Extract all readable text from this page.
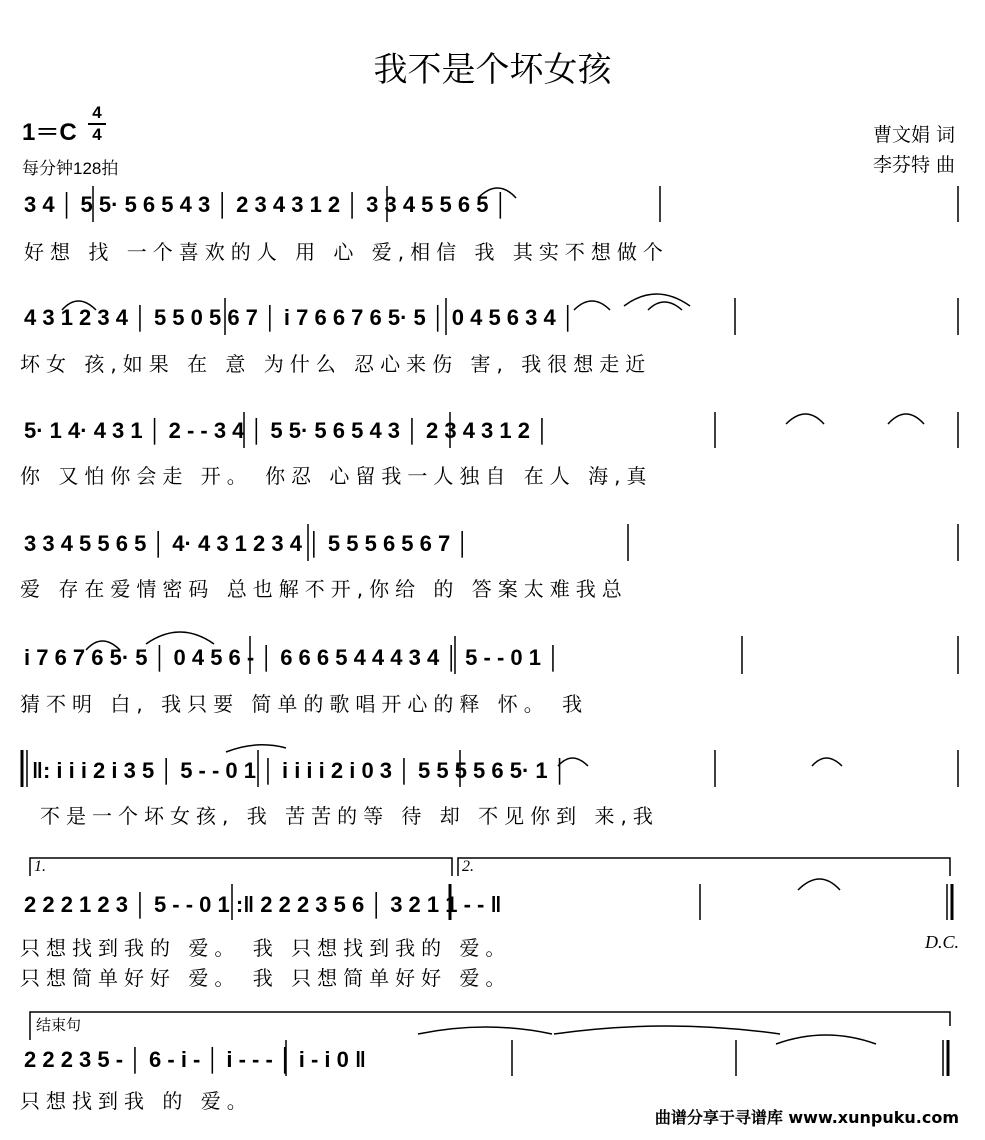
我不是个坏女孩
1＝C
4
4
每分钟128拍
曹文娟 词
李芬特 曲
3 4 │ 5 5· 5 6 5 4 3 │ 2 3 4 3 1 2 │ 3 3 4 5 5 6 5 │
好想 找 一个喜欢的人 用 心 爱,相信 我 其实不想做个
4 3 1 2 3 4 │ 5 5 0 5 6 7 │ i 7 6 6 7 6 5· 5 │ 0 4 5 6 3 4 │
坏女 孩,如果 在 意 为什么 忍心来伤 害, 我很想走近
5· 1 4· 4 3 1 │ 2 - - 3 4 │ 5 5· 5 6 5 4 3 │ 2 3 4 3 1 2 │
你 又怕你会走 开。 你忍 心留我一人独自 在人 海,真
3 3 4 5 5 6 5 │ 4· 4 3 1 2 3 4 │ 5 5 5 6 5 6 7 │
爱 存在爱情密码 总也解不开,你给 的 答案太难我总
i 7 6 7 6 5· 5 │ 0 4 5 6 - │ 6 6 6 5 4 4 4 3 4 │ 5 - - 0 1 │
猜不明 白, 我只要 简单的歌唱开心的释 怀。 我
‖: i i i 2 i 3 5 │ 5 - - 0 1 │ i i i i 2 i 0 3 │ 5 5 5 5 6 5· 1 │
不是一个坏女孩, 我 苦苦的等 待 却 不见你到 来,我
1.	2.
2 2 2 1 2 3 │ 5 - - 0 1 :‖ 2 2 2 3 5 6 │ 3 2 1 1 - - ‖
只想找到我的 爱。 我 只想找到我的 爱。
只想简单好好 爱。 我 只想简单好好 爱。
D.C.
结束句
2 2 2 3 5 - │ 6 - i - │ i - - - │ i - i 0 ‖
只想找到我 的 爱。
曲谱分享于寻谱库 www.xunpuku.com
